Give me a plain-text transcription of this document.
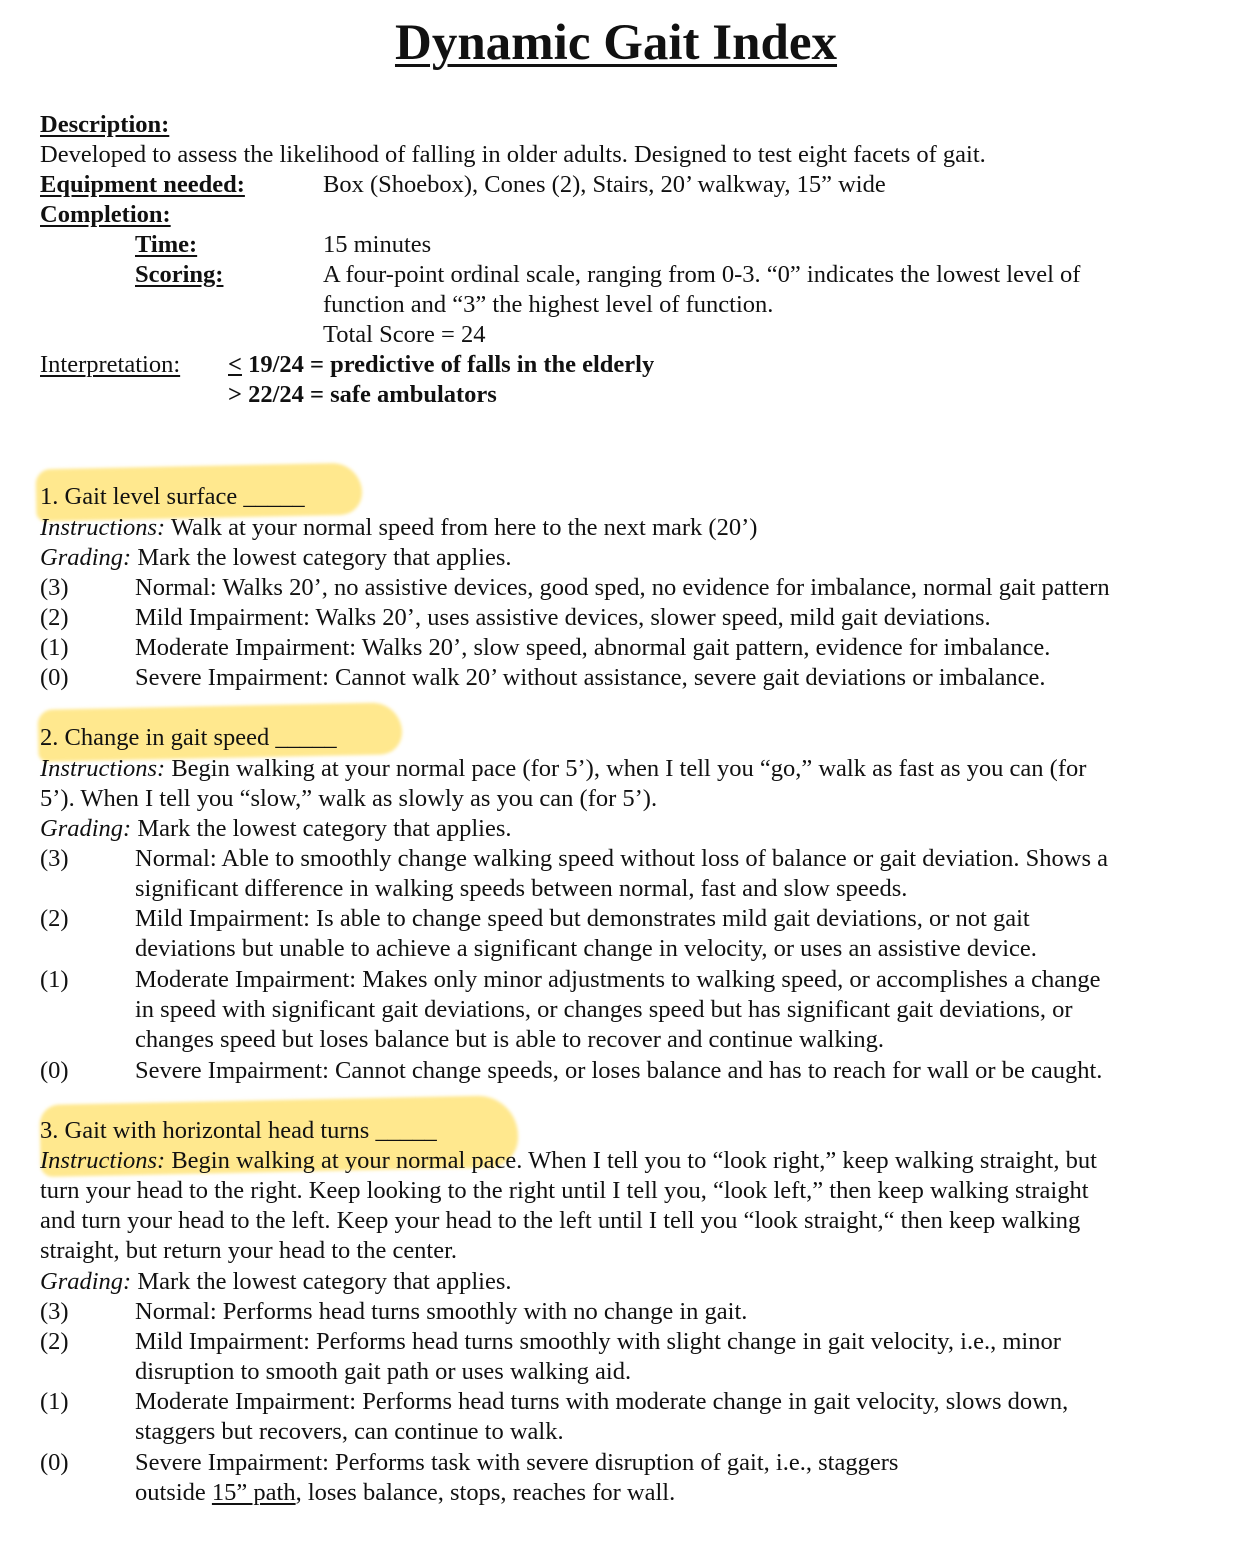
Dynamic Gait Index
Description:
Developed to assess the likelihood of falling in older adults. Designed to test eight facets of gait.
Equipment needed:	Box (Shoebox), Cones (2), Stairs, 20’ walkway, 15” wide
Completion:
Time:	15 minutes
Scoring:	A four-point ordinal scale, ranging from 0-3. “0” indicates the lowest level of
function and “3” the highest level of function.
Total Score = 24
Interpretation: < 19/24 = predictive of falls in the elderly
> 22/24 = safe ambulators
1. Gait level surface _____
Instructions: Walk at your normal speed from here to the next mark (20’)
Grading: Mark the lowest category that applies.
(3)	Normal: Walks 20’, no assistive devices, good sped, no evidence for imbalance, normal gait pattern
(2)	Mild Impairment: Walks 20’, uses assistive devices, slower speed, mild gait deviations.
(1)	Moderate Impairment: Walks 20’, slow speed, abnormal gait pattern, evidence for imbalance.
(0)	Severe Impairment: Cannot walk 20’ without assistance, severe gait deviations or imbalance.
2. Change in gait speed _____
Instructions: Begin walking at your normal pace (for 5’), when I tell you “go,” walk as fast as you can (for
5’). When I tell you “slow,” walk as slowly as you can (for 5’).
Grading: Mark the lowest category that applies.
(3)	Normal: Able to smoothly change walking speed without loss of balance or gait deviation. Shows a
significant difference in walking speeds between normal, fast and slow speeds.
(2)	Mild Impairment: Is able to change speed but demonstrates mild gait deviations, or not gait
deviations but unable to achieve a significant change in velocity, or uses an assistive device.
(1)	Moderate Impairment: Makes only minor adjustments to walking speed, or accomplishes a change
in speed with significant gait deviations, or changes speed but has significant gait deviations, or
changes speed but loses balance but is able to recover and continue walking.
(0)	Severe Impairment: Cannot change speeds, or loses balance and has to reach for wall or be caught.
3. Gait with horizontal head turns _____
Instructions: Begin walking at your normal pace. When I tell you to “look right,” keep walking straight, but
turn your head to the right. Keep looking to the right until I tell you, “look left,” then keep walking straight
and turn your head to the left. Keep your head to the left until I tell you “look straight,“ then keep walking
straight, but return your head to the center.
Grading: Mark the lowest category that applies.
(3)	Normal: Performs head turns smoothly with no change in gait.
(2)	Mild Impairment: Performs head turns smoothly with slight change in gait velocity, i.e., minor
disruption to smooth gait path or uses walking aid.
(1)	Moderate Impairment: Performs head turns with moderate change in gait velocity, slows down,
staggers but recovers, can continue to walk.
(0)	Severe Impairment: Performs task with severe disruption of gait, i.e., staggers
outside 15” path, loses balance, stops, reaches for wall.
